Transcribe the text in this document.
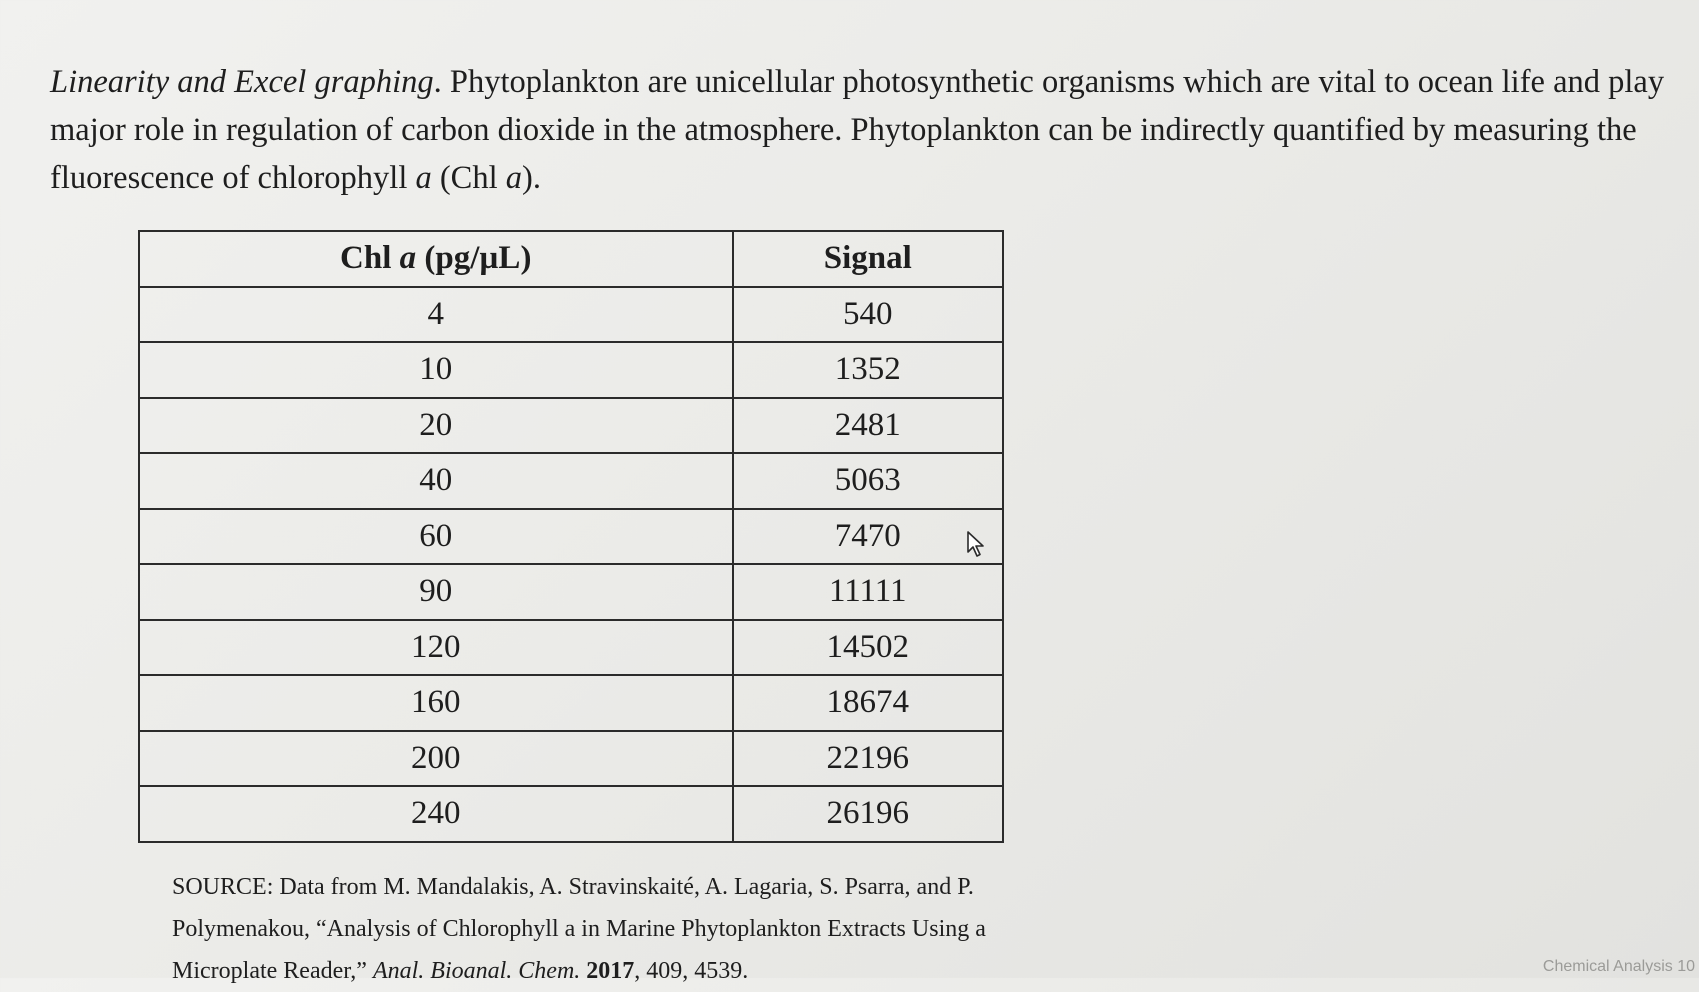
Linearity and Excel graphing. Phytoplankton are unicellular photosynthetic organisms which are vital to ocean life and play
major role in regulation of carbon dioxide in the atmosphere. Phytoplankton can be indirectly quantified by measuring the
fluorescence of chlorophyll a (Chl a).

Chl a (pg/µL)	Signal
4	540
10	1352
20	2481
40	5063
60	7470
90	11111
120	14502
160	18674
200	22196
240	26196

SOURCE: Data from M. Mandalakis, A. Stravinskaité, A. Lagaria, S. Psarra, and P.
Polymenakou, “Analysis of Chlorophyll a in Marine Phytoplankton Extracts Using a
Microplate Reader,” Anal. Bioanal. Chem. 2017, 409, 4539.	Chemical Analysis 10
